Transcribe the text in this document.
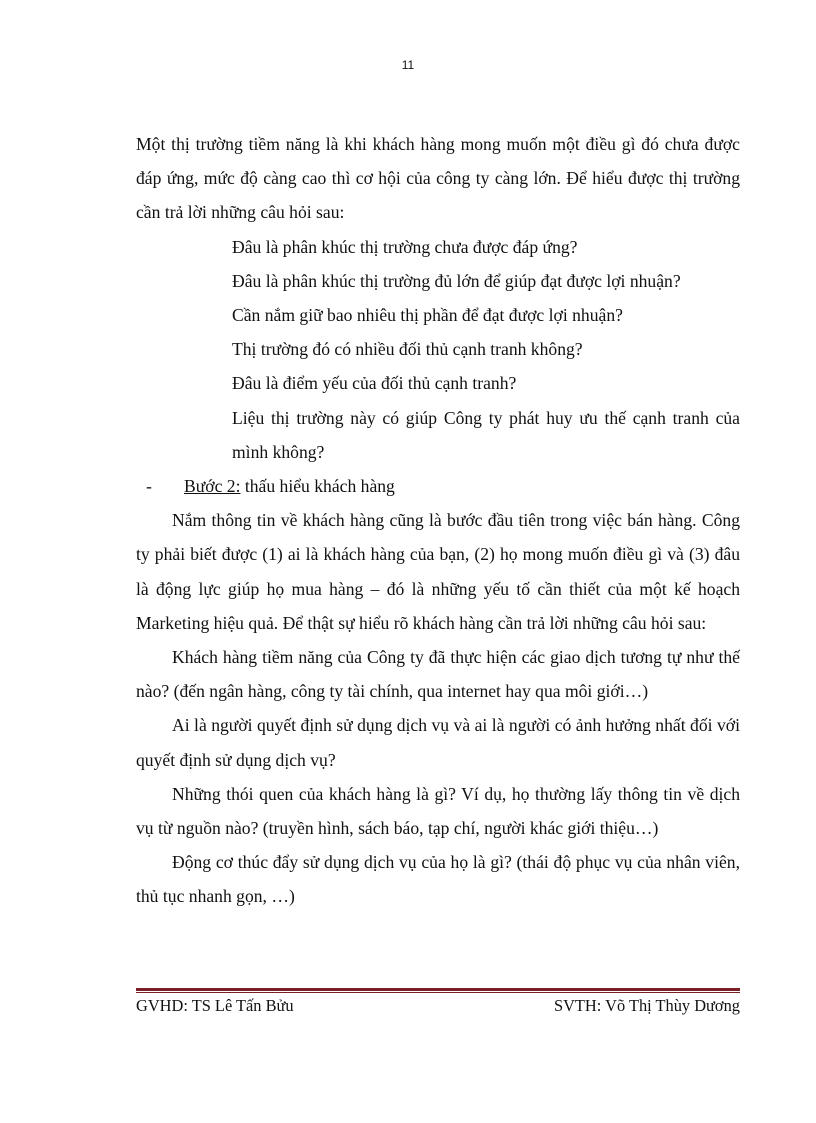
11

Một thị trường tiềm năng là khi khách hàng mong muốn một điều gì đó chưa được đáp ứng, mức độ càng cao thì cơ hội của công ty càng lớn. Để hiểu được thị trường cần trả lời những câu hỏi sau:

Đâu là phân khúc thị trường chưa được đáp ứng?
Đâu là phân khúc thị trường đủ lớn để giúp đạt được lợi nhuận?
Cần nắm giữ bao nhiêu thị phần để đạt được lợi nhuận?
Thị trường đó có nhiều đối thủ cạnh tranh không?
Đâu là điểm yếu của đối thủ cạnh tranh?
Liệu thị trường này có giúp Công ty phát huy ưu thế cạnh tranh của mình không?
-	Bước 2: thấu hiểu khách hàng

Nắm thông tin về khách hàng cũng là bước đầu tiên trong việc bán hàng. Công ty phải biết được (1) ai là khách hàng của bạn, (2) họ mong muốn điều gì và (3) đâu là động lực giúp họ mua hàng – đó là những yếu tố cần thiết của một kế hoạch Marketing hiệu quả. Để thật sự hiểu rõ khách hàng cần trả lời những câu hỏi sau:

Khách hàng tiềm năng của Công ty đã thực hiện các giao dịch tương tự như thế nào? (đến ngân hàng, công ty tài chính, qua internet hay qua môi giới…)

Ai là người quyết định sử dụng dịch vụ và ai là người có ảnh hưởng nhất đối với quyết định sử dụng dịch vụ?

Những thói quen của khách hàng là gì? Ví dụ, họ thường lấy thông tin về dịch vụ từ nguồn nào? (truyền hình, sách báo, tạp chí, người khác giới thiệu…)

Động cơ thúc đẩy sử dụng dịch vụ của họ là gì? (thái độ phục vụ của nhân viên, thủ tục nhanh gọn, …)

GVHD: TS Lê Tấn Bửu	SVTH: Võ Thị Thùy Dương
